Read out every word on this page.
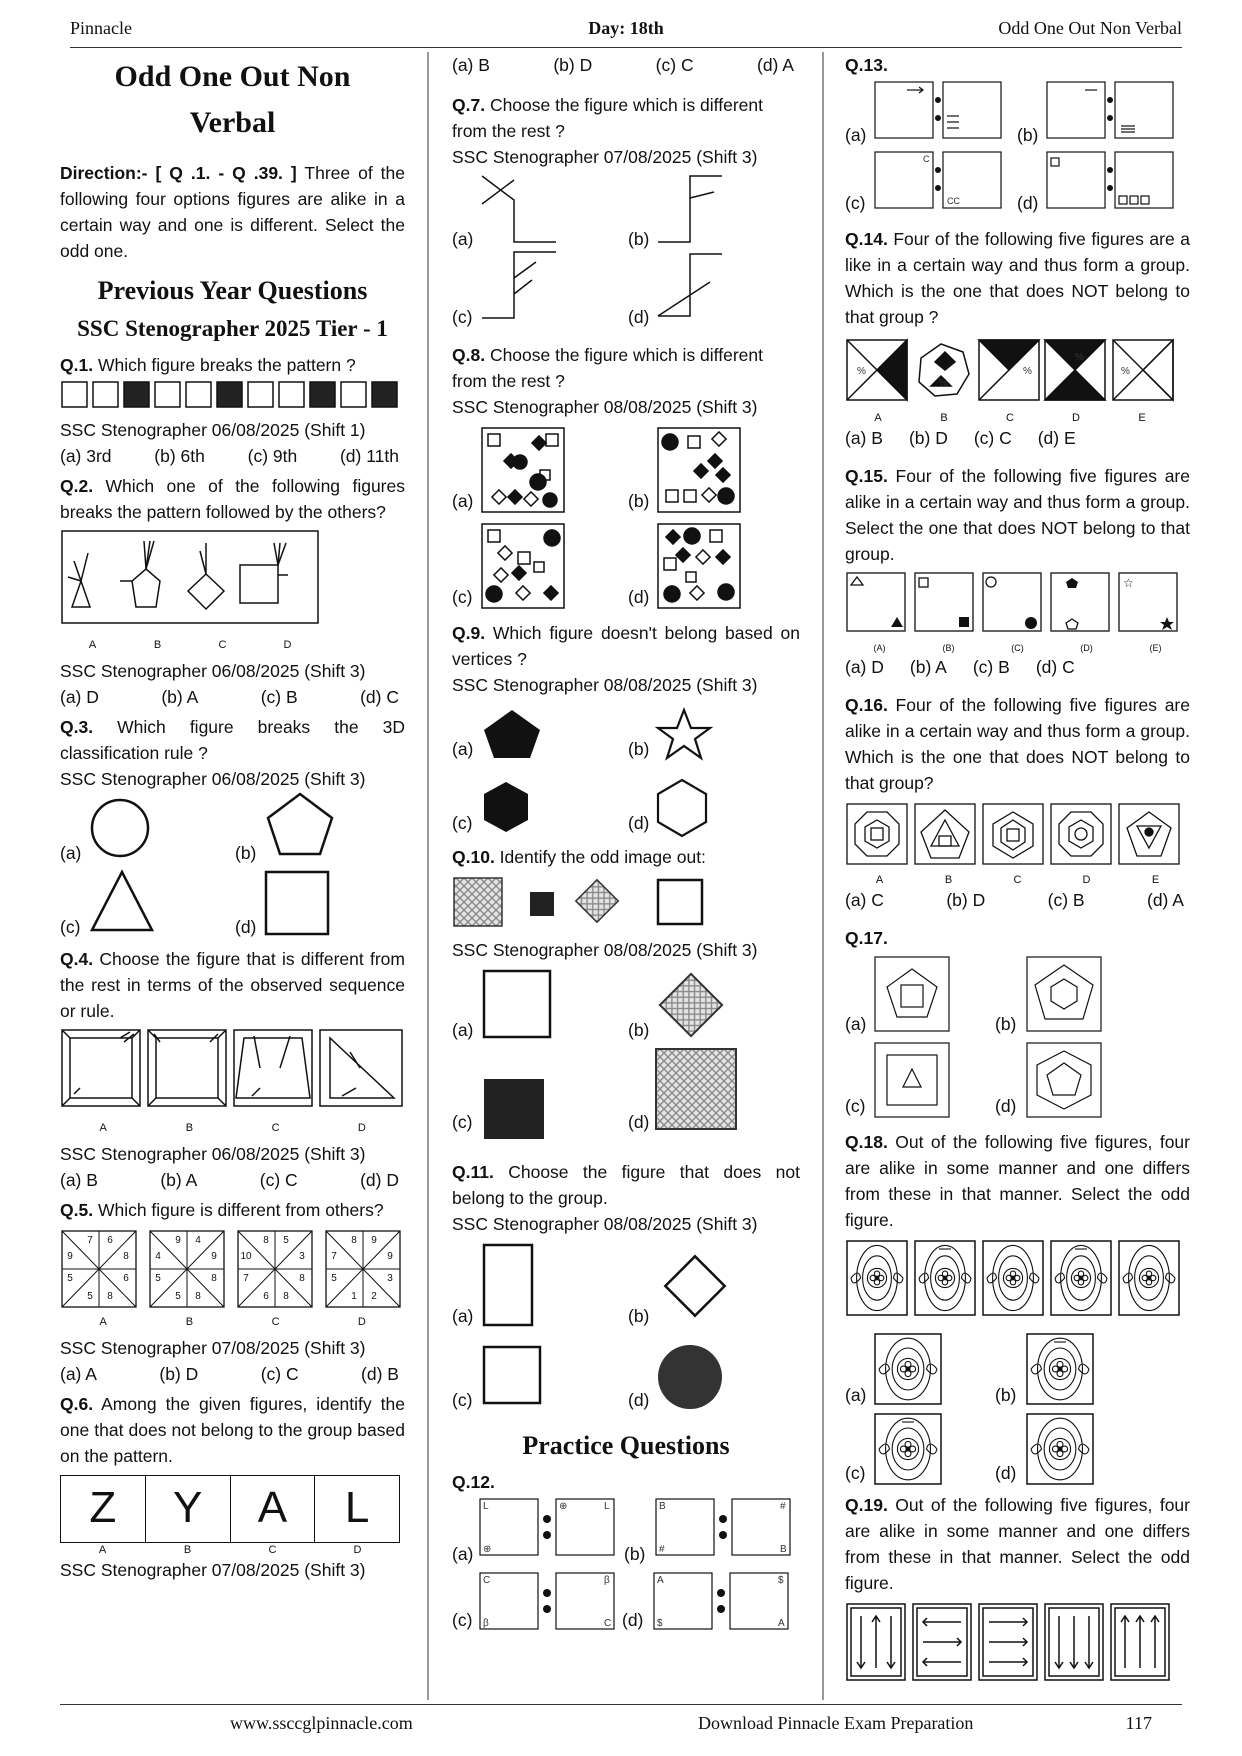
Pinnacle	Day: 18th	Odd One Out Non Verbal
Odd One Out Non
Verbal

Direction:- [ Q .1. - Q .39. ] Three of the following four options figures are alike in a certain way and one is different. Select the odd one.

Previous Year Questions
SSC Stenographer 2025 Tier - 1

Q.1. Which figure breaks the pattern ?

SSC Stenographer 06/08/2025 (Shift 1)
(a) 3rd (b) 6th (c) 9th (d) 11th

Q.2. Which one of the following figures breaks the pattern followed by the others?

A	B	C	D
SSC Stenographer 06/08/2025 (Shift 3)
(a) D	(b) A	(c) B	(d) C

Q.3. Which figure breaks the 3D classification rule ?

SSC Stenographer 06/08/2025 (Shift 3)
(a)	(b)
(c)	(d)

Q.4. Choose the figure that is different from the rest in terms of the observed sequence or rule.

A	B	C	D
SSC Stenographer 06/08/2025 (Shift 3)
(a) B	(b) A	(c) C	(d) D

Q.5. Which figure is different from others?

7 6
8
6
8
5
5
9
9 4
9
8
8
5
5
4
8 5
3
8
8
6
7
10
8 9
9
3
2
1
5
7
A	B	C	D
SSC Stenographer 07/08/2025 (Shift 3)
(a) A	(b) D	(c) C	(d) B

Q.6. Among the given figures, identify the one that does not belong to the group based on the pattern.

Z	Y	A	L
A	B	C	D
SSC Stenographer 07/08/2025 (Shift 3)
(a) B	(b) D	(c) C	(d) A

Q.7. Choose the figure which is different from the rest ?

SSC Stenographer 07/08/2025 (Shift 3)
(a)	(b)
(c)	(d)

Q.8. Choose the figure which is different from the rest ?

SSC Stenographer 08/08/2025 (Shift 3)
(a)	(b)
(c)	(d)

Q.9. Which figure doesn't belong based on vertices ?

SSC Stenographer 08/08/2025 (Shift 3)
(a)	(b)
(c)	(d)

Q.10. Identify the odd image out:

SSC Stenographer 08/08/2025 (Shift 3)
(a)	(b)
(c)	(d)

Q.11. Choose the figure that does not belong to the group.

SSC Stenographer 08/08/2025 (Shift 3)
(a)	(b)
(c)	(d)
Practice Questions

Q.12.

(a)	(b)
(c)	(d)
L
⊕
L
⊕	B
#
#
B
C
β
β
C
A
$
$
A

Q.13.

(a)	(b)
(c)	(d)
C
CC

Q.14. Four of the following five figures are a like in a certain way and thus form a group. Which is the one that does NOT belong to that group ?

%
%
%
%
%
A	B	C	D	E
(a) B (b) D (c) C (d) E

Q.15. Four of the following five figures are alike in a certain way and thus form a group. Select the one that does NOT belong to that group.

☆
(A)	(B)	(C)	(D)	(E)
(a) D (b) A (c) B (d) C

Q.16. Four of the following five figures are alike in a certain way and thus form a group. Which is the one that does NOT belong to that group?

A	B	C	D	E
(a) C	(b) D	(c) B	(d) A

Q.17.

(a)	(b)
(c)	(d)

Q.18. Out of the following five figures, four are alike in some manner and one differs from these in that manner. Select the odd figure.

(a)	(b)
(c)	(d)

Q.19. Out of the following five figures, four are alike in some manner and one differs from these in that manner. Select the odd figure.

www.ssccglpinnacle.com	Download Pinnacle Exam Preparation	117
